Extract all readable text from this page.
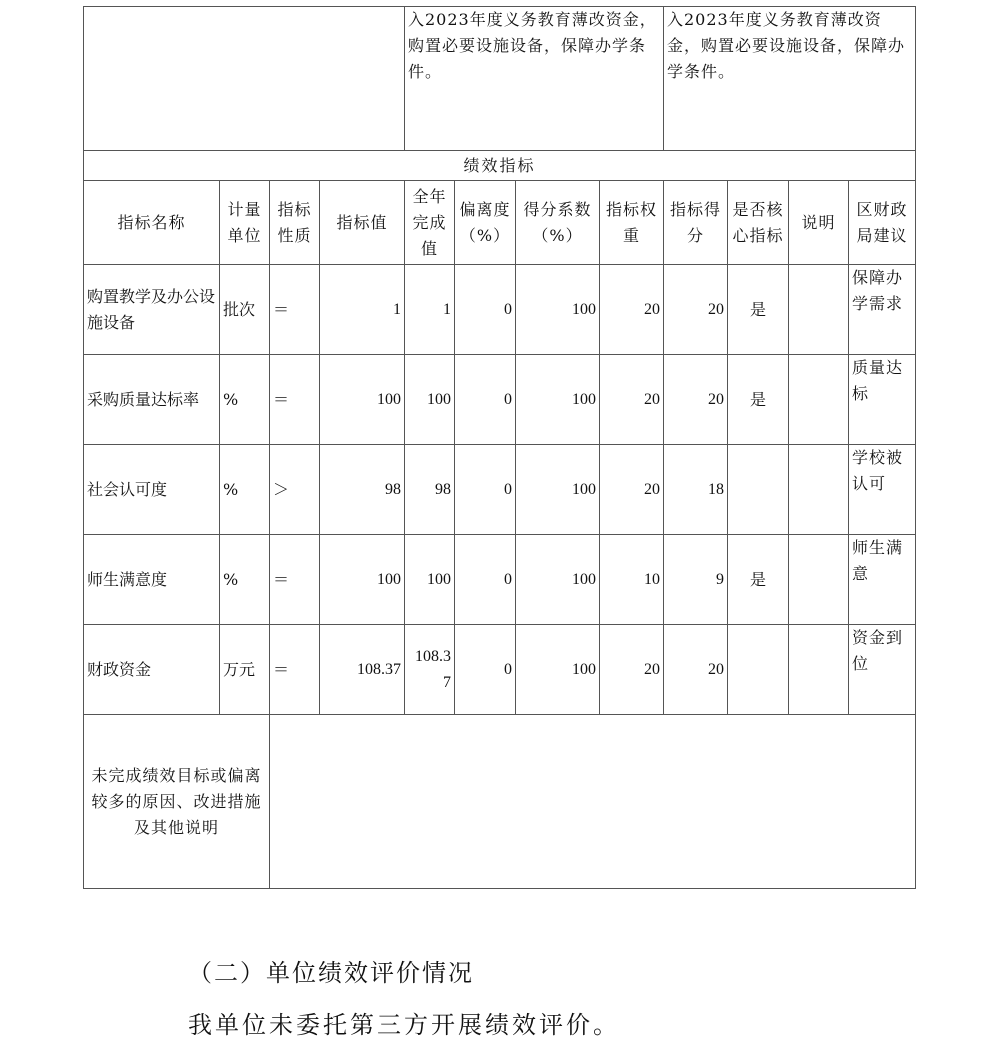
				入2023年度义务教育薄改资金，购置必要设施设备，保障办学条件。				入2023年度义务教育薄改资金，购置必要设施设备，保障办学条件。			
绩效指标											
指标名称	计量单位	指标性质	指标值	全年完成值	偏离度（%）	得分系数（%）	指标权重	指标得分	是否核心指标	说明	区财政局建议
购置教学及办公设施设备	批次	＝	1	1	0	100	20	20	是		保障办学需求
采购质量达标率	%	＝	100	100	0	100	20	20	是		质量达标
社会认可度	%	＞	98	98	0	100	20	18			学校被认可
师生满意度	%	＝	100	100	0	100	10	9	是		师生满意
财政资金	万元	＝	108.37	108.37	0	100	20	20			资金到位
未完成绩效目标或偏离较多的原因、改进措施及其他说明											
（二）单位绩效评价情况
我单位未委托第三方开展绩效评价。
